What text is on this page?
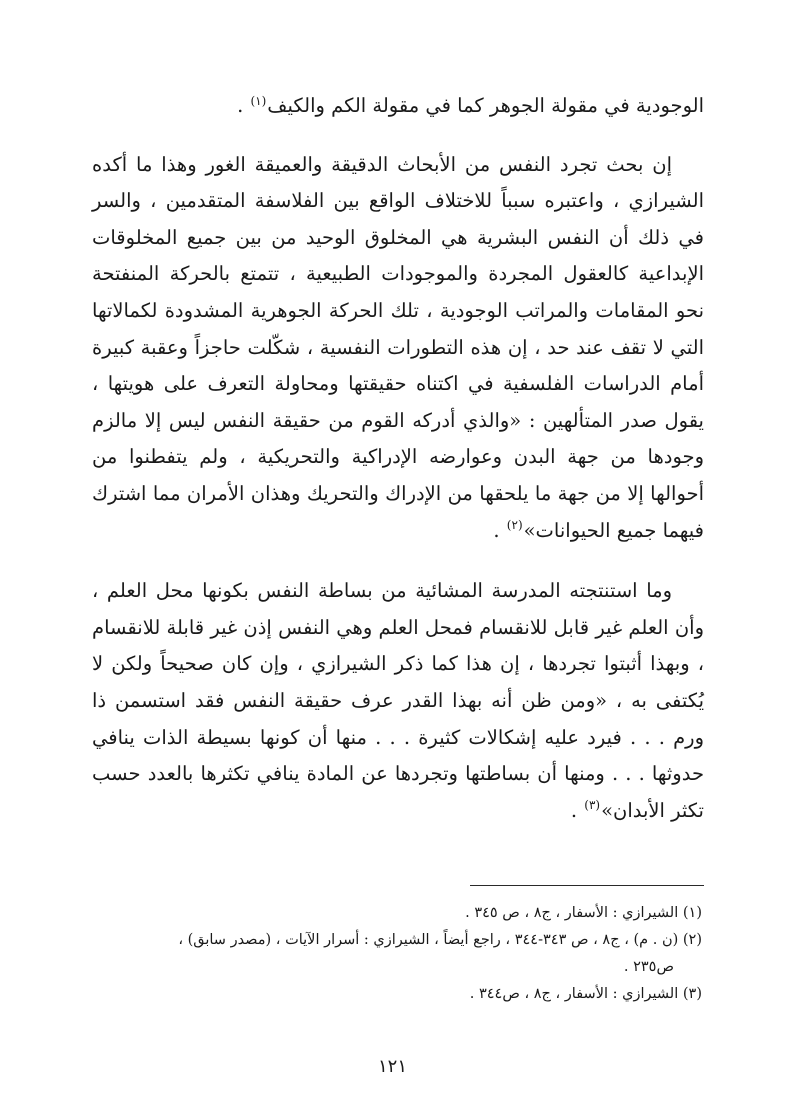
الوجودية في مقولة الجوهر كما في مقولة الكم والكيف$^{(١)}$ .

إن بحث تجرد النفس من الأبحاث الدقيقة والعميقة الغور وهذا ما أكده الشيرازي ، واعتبره سبباً للاختلاف الواقع بين الفلاسفة المتقدمين ، والسر في ذلك أن النفس البشرية هي المخلوق الوحيد من بين جميع المخلوقات الإبداعية كالعقول المجردة والموجودات الطبيعية ، تتمتع بالحركة المنفتحة نحو المقامات والمراتب الوجودية ، تلك الحركة الجوهرية المشدودة لكمالاتها التي لا تقف عند حد ، إن هذه التطورات النفسية ، شكّلت حاجزاً وعقبة كبيرة أمام الدراسات الفلسفية في اكتناه حقيقتها ومحاولة التعرف على هويتها ، يقول صدر المتألهين : «والذي أدركه القوم من حقيقة النفس ليس إلا مالزم وجودها من جهة البدن وعوارضه الإدراكية والتحريكية ، ولم يتفطنوا من أحوالها إلا من جهة ما يلحقها من الإدراك والتحريك وهذان الأمران مما اشترك فيهما جميع الحيوانات»$^{(٢)}$ .

وما استنتجته المدرسة المشائية من بساطة النفس بكونها محل العلم ، وأن العلم غير قابل للانقسام فمحل العلم وهي النفس إذن غير قابلة للانقسام ، وبهذا أثبتوا تجردها ، إن هذا كما ذكر الشيرازي ، وإن كان صحيحاً ولكن لا يُكتفى به ، «ومن ظن أنه بهذا القدر عرف حقيقة النفس فقد استسمن ذا ورم . . . فيرد عليه إشكالات كثيرة . . . منها أن كونها بسيطة الذات ينافي حدوثها . . . ومنها أن بساطتها وتجردها عن المادة ينافي تكثرها بالعدد حسب تكثر الأبدان»$^{(٣)}$ .

(١) الشيرازي : الأسفار ، ج٨ ، ص ٣٤٥ .

(٢) (ن . م) ، ج٨ ، ص ٣٤٣-٣٤٤ ، راجع أيضاً ، الشيرازي : أسرار الآيات ، (مصدر سابق) ،
ص٢٣٥ .

(٣) الشيرازي : الأسفار ، ج٨ ، ص٣٤٤ .

١٢١
